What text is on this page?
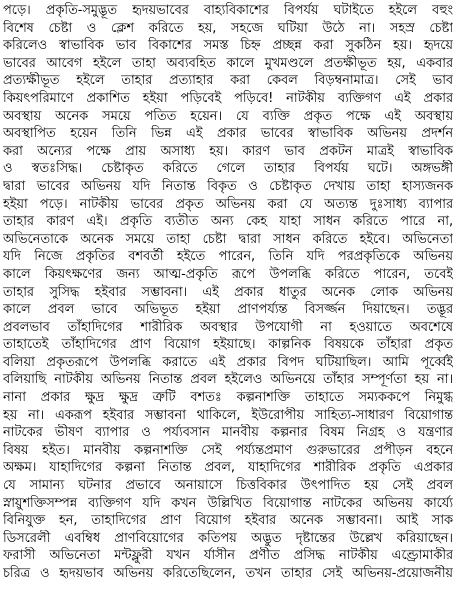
পড়ে। প্রকৃতি-সমুদ্ভূত হৃদয়ভাবের বাহ্যবিকাশের বিপর্যয় ঘটাইতে হইলে বহুং
বিশেষ চেষ্টা ও ক্লেশ করিতে হয়, সহজে ঘটিয়া উঠে না। সহস্র চেষ্টা
করিলেও স্বাভাবিক ভাব বিকাশের সমস্ত চিহ্ন প্রচ্ছন্ন করা সুকঠিন হয়। হৃদয়ে
ভাবের আবেগ হইলে তাহা অব্যবহিত কালে মুখমণ্ডলে প্রতক্ষীভূত হয়, একবার
প্রত্যক্ষীভূত হইলে তাহার প্রত্যাহার করা কেবল বিড়ম্বনামাত্র। সেই ভাব
কিয়ৎপরিমাণে প্রকাশিত হইয়া পড়িবেই পড়িবে! নাটকীয় ব্যক্তিগণ এই প্রকার
অবস্থায় অনেক সময়ে পতিত হয়েন। যে ব্যক্তি প্রকৃত পক্ষে এই অবস্থায়
অবস্থাপিত হয়েন তিনি ভিন্ন এই প্রকার ভাবের স্বাভাবিক অভিনয় প্রদর্শন
করা অন্যের পক্ষে প্রায় অসাধ্য হয়। কারণ ভাব প্রকটন মাত্রই স্বাভাবিক
ও স্বতঃসিদ্ধ। চেষ্টাকৃত করিতে গেলে তাহার বিপর্যয় ঘটে। অঙ্গভঙ্গী
দ্বারা ভাবের অভিনয় যদি নিতান্ত বিকৃত ও চেষ্টাকৃত দেখায় তাহা হাস্যজনক
হইয়া পড়ে। নাটকীয় ভাবের প্রকৃত অভিনয় করা যে অত্যন্ত দুঃসাধ্য ব্যাপার
তাহার কারণ এই। প্রকৃতি ব্যতীত অন্য কেহ যাহা সাধন করিতে পারে না,
অভিনেতাকে অনেক সময়ে তাহা চেষ্টা দ্বারা সাধন করিতে হইবে। অভিনেতা
যদি নিজে প্রকৃতির বশবর্তী হইতে পারেন, তিনি যদি পরপ্রকৃতিকে অভিনয়
কালে কিয়ৎক্ষণের জন্য আত্ম-প্রকৃতি রূপে উপলব্ধি করিতে পারেন, তবেই
তাহার সুসিদ্ধ হইবার সম্ভাবনা। এই প্রকার ধাতুর অনেক লোক অভিনয়
কালে প্রবল ভাবে অভিভূত হইয়া প্রাণপর্য্যন্ত বিসর্জ্জন দিয়াছেন। তদ্ভূর
প্রবলভাব তাঁহাদিগের শারীরিক অবস্থার উপযোগী না হওয়াতে অবশেষে
তাহাতেই তাঁহাদিগের প্রাণ বিয়োগ হইয়াছে। কাল্পনিক বিষয়কে তাঁহারা প্রকৃত
বলিয়া প্রকৃতরূপে উপলব্ধি করাতে এই প্রকার বিপদ ঘটিয়াছিল। আমি পূর্ব্বেই
বলিয়াছি নাটকীয় অভিনয় নিতান্ত প্রবল হইলেও অভিনয়ে তাঁহার সম্পূর্ণতা হয় না।
নানা প্রকার ক্ষুদ্র ক্ষুদ্র ত্রুটি বশতঃ কল্পনাশক্তি তাহাতে সম্যককপে নিমুগ্ধ
হয় না। একরূপ হইবার সম্ভাবনা থাকিলে, ইউরোপীয় সাহিত্য-সাধারণ বিয়োগান্ত
নাটকের ভীষণ ব্যাপার ও পর্য্যবসান মানবীয় কল্পনার বিষম নিগ্রহ ও যন্ত্রণার
বিষয় হইত। মানবীয় কল্পনাশক্তি সেই পর্য্যন্তপ্রমাণ গুরুভারের প্রপীড়ন বহনে
অক্ষম। যাহাদিগের কল্পনা নিতান্ত প্রবল, যাহাদিগের শারীরিক প্রকৃতি এপ্রকার
যে সামান্য ঘটনার প্রভাবে অনায়াসে চিত্তবিকার উৎপাদিত হয় সেই প্রবল
স্নায়ুশক্তিসম্পন্ন ব্যক্তিগণ যদি কখন উল্লিখিত বিয়োগান্ত নাটকের অভিনয় কার্য্যে
বিনিযুক্ত হন, তাহাদিগের প্রাণ বিয়োগ হইবার অনেক সম্ভাবনা। আই সাক
ডিসরেলী এবম্বিধ প্রাণবিয়োগের কতিপয় অদ্ভুত দৃষ্টান্তের উল্লেখ করিয়াছেন।
ফরাসী অভিনেতা মন্টফ্লুরী যখন র্যাসীন প্রণীত প্রসিদ্ধ নাটকীয় এণ্ড্রোমাকীর
চরিত্র ও হৃদয়ভাব অভিনয় করিতেছিলেন, তখন তাহার সেই অভিনয়-প্রয়োজনীয়
